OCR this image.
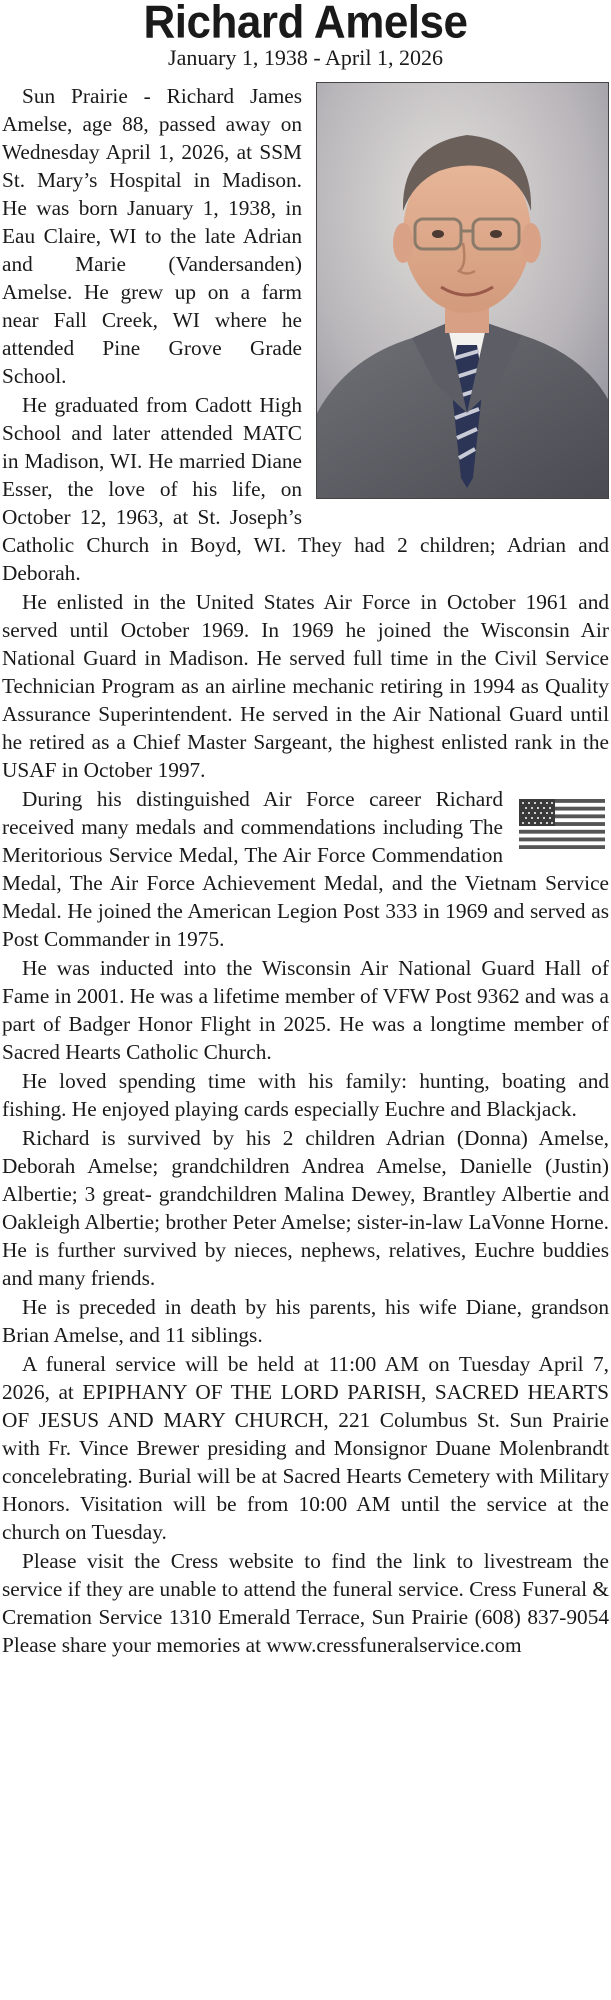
Richard Amelse
January 1, 1938 - April 1, 2026

Sun Prairie - Richard James Amelse, age 88, passed away on Wednesday April 1, 2026, at SSM St. Mary’s Hospital in Madison. He was born January 1, 1938, in Eau Claire, WI to the late Adrian and Marie (Vandersanden) Amelse. He grew up on a farm near Fall Creek, WI where he attended Pine Grove Grade School.

He graduated from Cadott High School and later attended MATC in Madison, WI. He married Diane Esser, the love of his life, on October 12, 1963, at St. Joseph’s Catholic Church in Boyd, WI. They had 2 children; Adrian and Deborah.

He enlisted in the United States Air Force in October 1961 and served until October 1969. In 1969 he joined the Wisconsin Air National Guard in Madison. He served full time in the Civil Service Technician Program as an airline mechanic retiring in 1994 as Quality Assurance Superintendent. He served in the Air National Guard until he retired as a Chief Master Sargeant, the highest enlisted rank in the USAF in October 1997.

During his distinguished Air Force career Richard received many medals and commendations including The Meritorious Service Medal, The Air Force Commendation Medal, The Air Force Achievement Medal, and the Vietnam Service Medal. He joined the American Legion Post 333 in 1969 and served as Post Commander in 1975.

He was inducted into the Wisconsin Air National Guard Hall of Fame in 2001. He was a lifetime member of VFW Post 9362 and was a part of Badger Honor Flight in 2025. He was a longtime member of Sacred Hearts Catholic Church.

He loved spending time with his family: hunting, boating and fishing. He enjoyed playing cards especially Euchre and Blackjack.

Richard is survived by his 2 children Adrian (Donna) Amelse, Deborah Amelse; grandchildren Andrea Amelse, Danielle (Justin) Albertie; 3 great- grandchildren Malina Dewey, Brantley Albertie and Oakleigh Albertie; brother Peter Amelse; sister-in-law LaVonne Horne. He is further survived by nieces, nephews, relatives, Euchre buddies and many friends.

He is preceded in death by his parents, his wife Diane, grandson Brian Amelse, and 11 siblings.

A funeral service will be held at 11:00 AM on Tuesday April 7, 2026, at EPIPHANY OF THE LORD PARISH, SACRED HEARTS OF JESUS AND MARY CHURCH, 221 Columbus St. Sun Prairie with Fr. Vince Brewer presiding and Monsignor Duane Molenbrandt concelebrating. Burial will be at Sacred Hearts Cemetery with Military Honors. Visitation will be from 10:00 AM until the service at the church on Tuesday.

Please visit the Cress website to find the link to livestream the service if they are unable to attend the funeral service. Cress Funeral & Cremation Service 1310 Emerald Terrace, Sun Prairie (608) 837-9054 Please share your memories at www.cressfuneralservice.com
